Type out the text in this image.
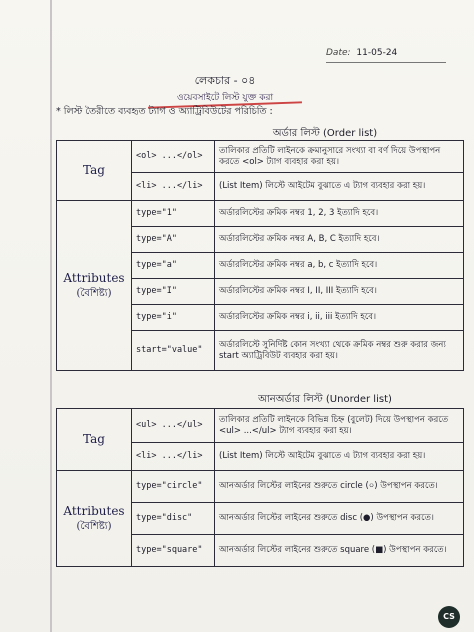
Date: 11-05-24
লেকচার - ০৪
ওয়েবসাইটে লিস্ট যুক্ত করা
* লিস্ট তৈরীতে ব্যবহৃত ট্যাগ ও অ্যাট্রিবিউটের পরিচিতি :
অর্ডার লিস্ট (Order list)
Tag	<ol> ...</ol>	তালিকার প্রতিটি লাইনকে ক্রমানুসারে সংখ্যা বা বর্ণ দিয়ে উপস্থাপন করতে <ol> ট্যাগ ব্যবহার করা হয়।
	<li> ...</li>	(List Item) লিস্টে আইটেম বুঝাতে এ ট্যাগ ব্যবহার করা হয়।
Attributes
(বৈশিষ্ট্য)	type="1"	অর্ডারলিস্টের ক্রমিক নম্বর 1, 2, 3 ইত্যাদি হবে।
	type="A"	অর্ডারলিস্টের ক্রমিক নম্বর A, B, C ইত্যাদি হবে।
	type="a"	অর্ডারলিস্টের ক্রমিক নম্বর a, b, c ইত্যাদি হবে।
	type="I"	অর্ডারলিস্টের ক্রমিক নম্বর I, II, III ইত্যাদি হবে।
	type="i"	অর্ডারলিস্টের ক্রমিক নম্বর i, ii, iii ইত্যাদি হবে।
	start="value"	অর্ডারলিস্টে সুনির্দিষ্ট কোন সংখ্যা থেকে ক্রমিক নম্বর শুরু করার জন্য start অ্যাট্রিবিউট ব্যবহার করা হয়।
আনঅর্ডার লিস্ট (Unorder list)
Tag	<ul> ...</ul>	তালিকার প্রতিটি লাইনকে বিভিন্ন চিহ্ন (বুলেট) দিয়ে উপস্থাপন করতে <ul> ...</ul> ট্যাগ ব্যবহার করা হয়।
	<li> ...</li>	(List Item) লিস্টে আইটেম বুঝাতে এ ট্যাগ ব্যবহার করা হয়।
Attributes
(বৈশিষ্ট্য)	type="circle"	আনঅর্ডার লিস্টের লাইনের শুরুতে circle (০) উপস্থাপন করতে।
	type="disc"	আনঅর্ডার লিস্টের লাইনের শুরুতে disc (●) উপস্থাপন করতে।
	type="square"	আনঅর্ডার লিস্টের লাইনের শুরুতে square (■) উপস্থাপন করতে।
CS
